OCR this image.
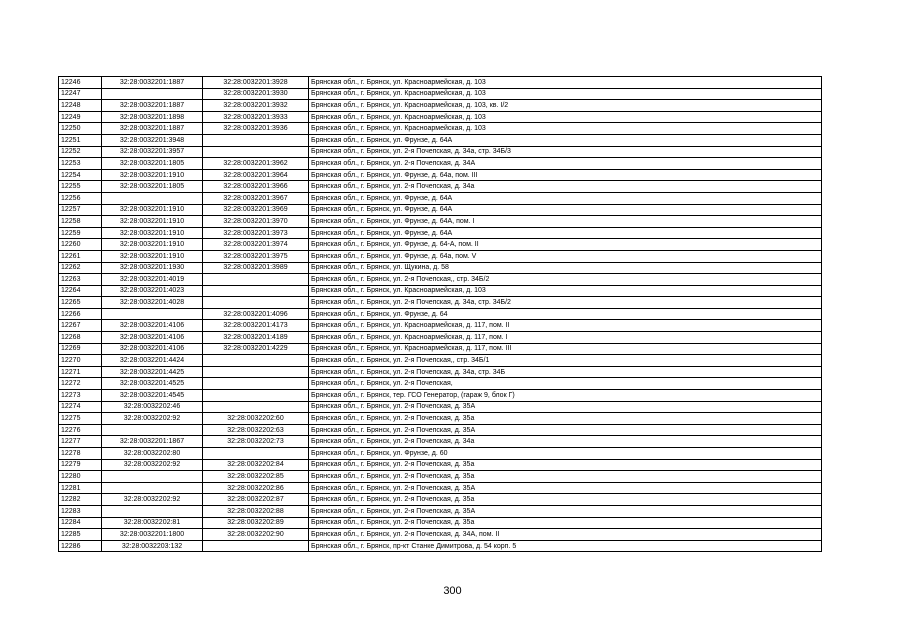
12246	32:28:0032201:1887	32:28:0032201:3928	Брянская обл., г. Брянск, ул. Красноармейская, д. 103
12247		32:28:0032201:3930	Брянская обл., г. Брянск, ул. Красноармейская, д. 103
12248	32:28:0032201:1887	32:28:0032201:3932	Брянская обл., г. Брянск, ул. Красноармейская, д. 103, кв. I/2
12249	32:28:0032201:1898	32:28:0032201:3933	Брянская обл., г. Брянск, ул. Красноармейская, д. 103
12250	32:28:0032201:1887	32:28:0032201:3936	Брянская обл., г. Брянск, ул. Красноармейская, д. 103
12251	32:28:0032201:3948		Брянская обл., г. Брянск, ул. Фрунзе, д. 64А
12252	32:28:0032201:3957		Брянская обл., г. Брянск, ул. 2-я Почепская, д. 34а, стр. 34Б/3
12253	32:28:0032201:1805	32:28:0032201:3962	Брянская обл., г. Брянск, ул. 2-я Почепская, д. 34А
12254	32:28:0032201:1910	32:28:0032201:3964	Брянская обл., г. Брянск, ул. Фрунзе, д. 64а, пом. III
12255	32:28:0032201:1805	32:28:0032201:3966	Брянская обл., г. Брянск, ул. 2-я Почепская, д. 34а
12256		32:28:0032201:3967	Брянская обл., г. Брянск, ул. Фрунзе, д. 64А
12257	32:28:0032201:1910	32:28:0032201:3969	Брянская обл., г. Брянск, ул. Фрунзе, д. 64А
12258	32:28:0032201:1910	32:28:0032201:3970	Брянская обл., г. Брянск, ул. Фрунзе, д. 64А, пом. I
12259	32:28:0032201:1910	32:28:0032201:3973	Брянская обл., г. Брянск, ул. Фрунзе, д. 64А
12260	32:28:0032201:1910	32:28:0032201:3974	Брянская обл., г. Брянск, ул. Фрунзе, д. 64-А, пом. II
12261	32:28:0032201:1910	32:28:0032201:3975	Брянская обл., г. Брянск, ул. Фрунзе, д. 64а, пом. V
12262	32:28:0032201:1930	32:28:0032201:3989	Брянская обл., г. Брянск, ул. Щукина, д. 58
12263	32:28:0032201:4019		Брянская обл., г. Брянск, ул. 2-я Почепская,, стр. 34Б/2
12264	32:28:0032201:4023		Брянская обл., г. Брянск, ул. Красноармейская, д. 103
12265	32:28:0032201:4028		Брянская обл., г. Брянск, ул. 2-я Почепская, д. 34а, стр. 34Б/2
12266		32:28:0032201:4096	Брянская обл., г. Брянск, ул. Фрунзе, д. 64
12267	32:28:0032201:4106	32:28:0032201:4173	Брянская обл., г. Брянск, ул. Красноармейская, д. 117, пом. II
12268	32:28:0032201:4106	32:28:0032201:4189	Брянская обл., г. Брянск, ул. Красноармейская, д. 117, пом. I
12269	32:28:0032201:4106	32:28:0032201:4229	Брянская обл., г. Брянск, ул. Красноармейская, д. 117, пом. III
12270	32:28:0032201:4424		Брянская обл., г. Брянск, ул. 2-я Почепская,, стр. 34Б/1
12271	32:28:0032201:4425		Брянская обл., г. Брянск, ул. 2-я Почепская, д. 34а, стр. 34Б
12272	32:28:0032201:4525		Брянская обл., г. Брянск, ул. 2-я Почепская,
12273	32:28:0032201:4545		Брянская обл., г. Брянск, тер. ГСО Генератор, (гараж 9, блок Г)
12274	32:28:0032202:46		Брянская обл., г. Брянск, ул. 2-я Почепская, д. 35А
12275	32:28:0032202:92	32:28:0032202:60	Брянская обл., г. Брянск, ул. 2-я Почепская, д. 35а
12276		32:28:0032202:63	Брянская обл., г. Брянск, ул. 2-я Почепская, д. 35А
12277	32:28:0032201:1867	32:28:0032202:73	Брянская обл., г. Брянск, ул. 2-я Почепская, д. 34а
12278	32:28:0032202:80		Брянская обл., г. Брянск, ул. Фрунзе, д. 60
12279	32:28:0032202:92	32:28:0032202:84	Брянская обл., г. Брянск, ул. 2-я Почепская, д. 35а
12280		32:28:0032202:85	Брянская обл., г. Брянск, ул. 2-я Почепская, д. 35а
12281		32:28:0032202:86	Брянская обл., г. Брянск, ул. 2-я Почепская, д. 35А
12282	32:28:0032202:92	32:28:0032202:87	Брянская обл., г. Брянск, ул. 2-я Почепская, д. 35а
12283		32:28:0032202:88	Брянская обл., г. Брянск, ул. 2-я Почепская, д. 35А
12284	32:28:0032202:81	32:28:0032202:89	Брянская обл., г. Брянск, ул. 2-я Почепская, д. 35а
12285	32:28:0032201:1800	32:28:0032202:90	Брянская обл., г. Брянск, ул. 2-я Почепская, д. 34А, пом. II
12286	32:28:0032203:132		Брянская обл., г. Брянск, пр-кт Станке Димитрова, д. 54 корп. 5
300
